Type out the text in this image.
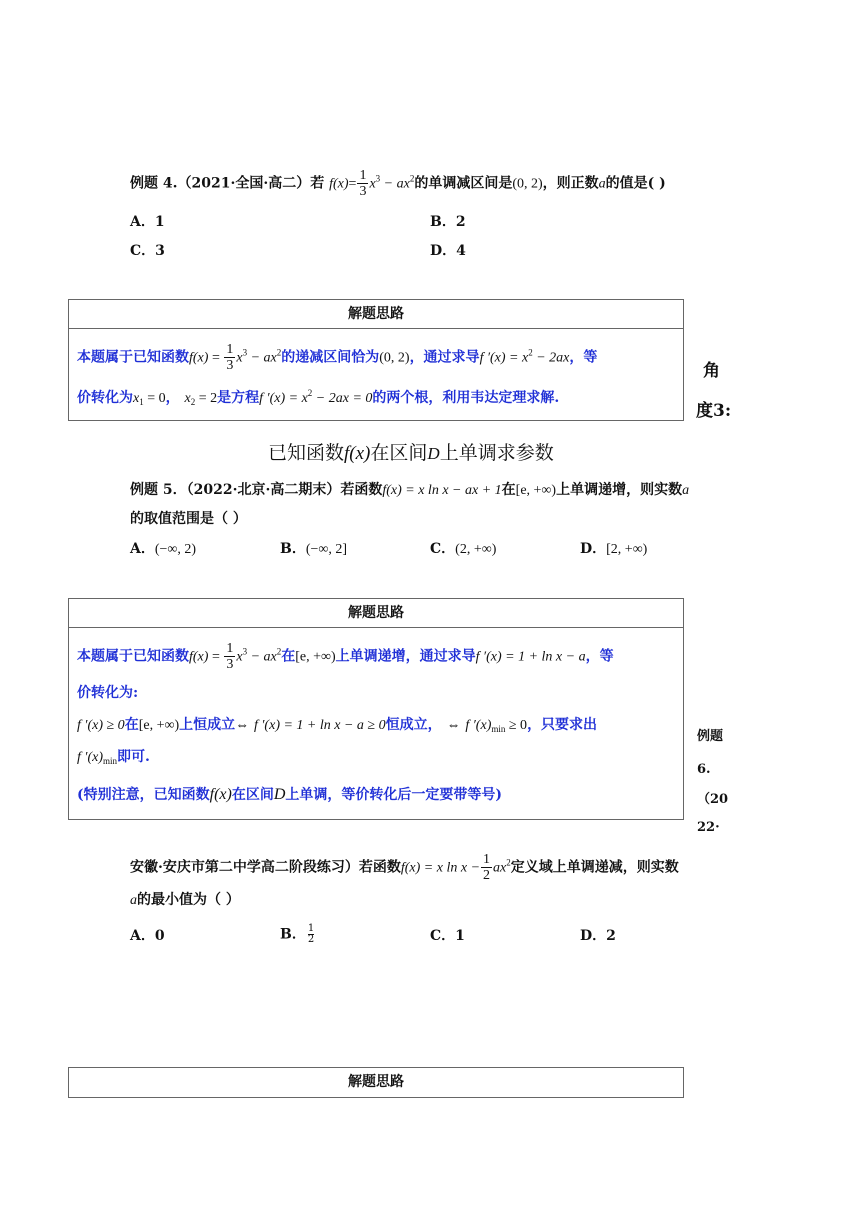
例题 4.（2021·全国·高二）若 $f(x)= \frac{1}{3} x^3 - ax^2$的单调减区间是(0, 2)，则正数a的值是( )
A．1	B．2
C．3	D．4
解题思路
本题属于已知函数$f(x) = \frac{1}{3} x^3 - ax^2$的递减区间恰为(0, 2)，通过求导f $'(x) = x^2 - 2ax$，等
价转化为$x_1 = 0$， $x_2 = 2$是方程f $'(x) = x^2 - 2ax = 0$的两个根，利用韦达定理求解.
角
度3:
已知函数f(x)在区间D上单调求参数
例题 5．（2022·北京·高二期末）若函数f(x) = x ln x − ax + 1在[e, +∞)上单调递增，则实数a
的取值范围是（ ）
A．(−∞, 2)	B．(−∞, 2]	C．(2, +∞)	D．[2, +∞)
解题思路
本题属于已知函数$f(x) = \frac{1}{3} x^3 - ax^2$在[e, +∞)上单调递增，通过求导f ′(x) = 1 + ln x − a，等
价转化为:
f ′(x) ≥ 0在[e, +∞)上恒成立⇔ f ′(x) = 1 + ln x − a ≥ 0恒成立， ⇔ f $'(x)_{min} \ge 0$，只要求出
f $'(x)_{min}$即可.
(特别注意，已知函数f(x)在区间D上单调，等价转化后一定要带等号)
例题
6.
（20
22·
安徽·安庆市第二中学高二阶段练习）若函数f(x) = x $\ln x - \frac{1}{2} ax^2$定义域上单调递减，则实数
a的最小值为（ ）
A．0	B． $\frac{1}{2}$	C．1	D．2
解题思路
